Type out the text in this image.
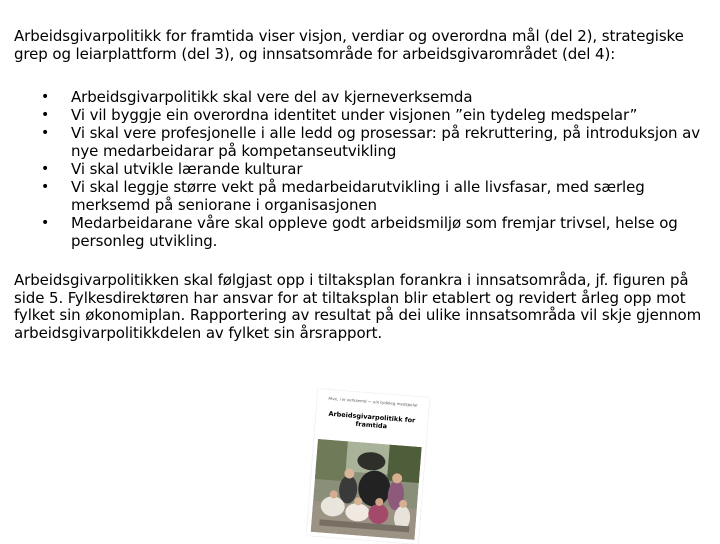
Arbeidsgivarpolitikk for framtida viser visjon, verdiar og overordna mål (del 2), strategiske grep og leiarplattform (del 3), og innsatsområde for arbeidsgivarområdet (del 4):

• Arbeidsgivarpolitikk skal vere del av kjerneverksemda
• Vi vil byggje ein overordna identitet under visjonen ”ein tydeleg medspelar”
• Vi skal vere profesjonelle i alle ledd og prosessar: på rekruttering, på introduksjon av nye medarbeidarar på kompetanseutvikling
• Vi skal utvikle lærande kulturar
• Vi skal leggje større vekt på medarbeidarutvikling i alle livsfasar, med særleg merksemd på seniorane i organisasjonen
• Medarbeidarane våre skal oppleve godt arbeidsmiljø som fremjar trivsel, helse og personleg utvikling.

Arbeidsgivarpolitikken skal følgjast opp i tiltaksplan forankra i innsatsområda, jf. figuren på side 5. Fylkesdirektøren har ansvar for at tiltaksplan blir etablert og revidert årleg opp mot fylket sin økonomiplan. Rapportering av resultat på dei ulike innsatsområda vil skje gjennom arbeidsgivarpolitikkdelen av fylket sin årsrapport.

Alve, i ei verksemd — ein tydeleg medspelar
Arbeidsgivarpolitikk for framtida
